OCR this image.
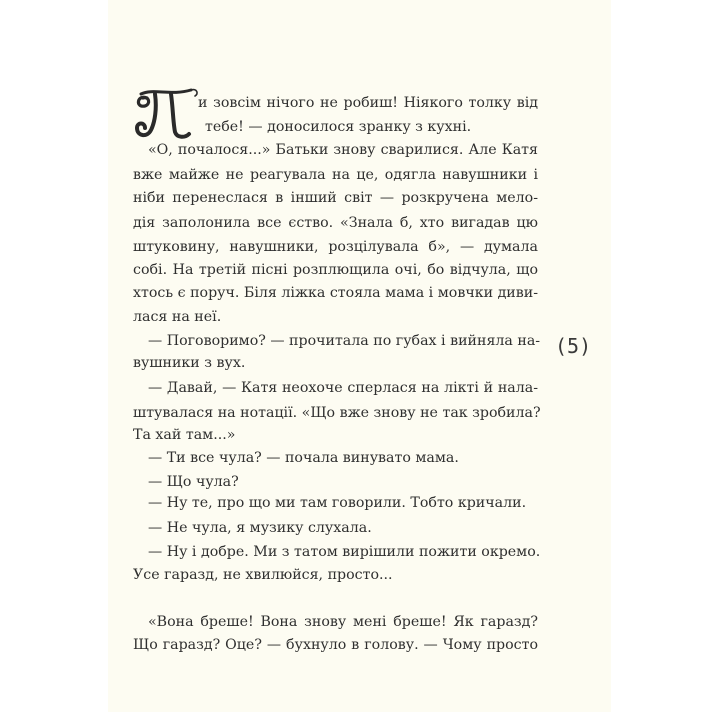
и зовсім нічого не робиш! Ніякого толку від
тебе! — доносилося зранку з кухні.
«О, почалося...» Батьки знову сварилися. Але Катя
вже майже не реагувала на це, одягла навушники і
ніби перенеслася в інший світ — розкручена мело-
дія заполонила все єство. «Знала б, хто вигадав цю
штуковину, навушники, розцілувала б», — думала
собі. На третій пісні розплющила очі, бо відчула, що
хтось є поруч. Біля ліжка стояла мама і мовчки диви-
лася на неї.
— Поговоримо? — прочитала по губах і вийняла на-
вушники з вух.
— Давай, — Катя неохоче сперлася на лікті й нала-
штувалася на нотації. «Що вже знову не так зробила?
Та хай там...»
— Ти все чула? — почала винувато мама.
— Що чула?
— Ну те, про що ми там говорили. Тобто кричали.
— Не чула, я музику слухала.
— Ну і добре. Ми з татом вирішили пожити окремо.
Усе гаразд, не хвилюйся, просто...
«Вона бреше! Вона знову мені бреше! Як гаразд?
Що гаразд? Оце? — бухнуло в голову. — Чому просто
(5)
